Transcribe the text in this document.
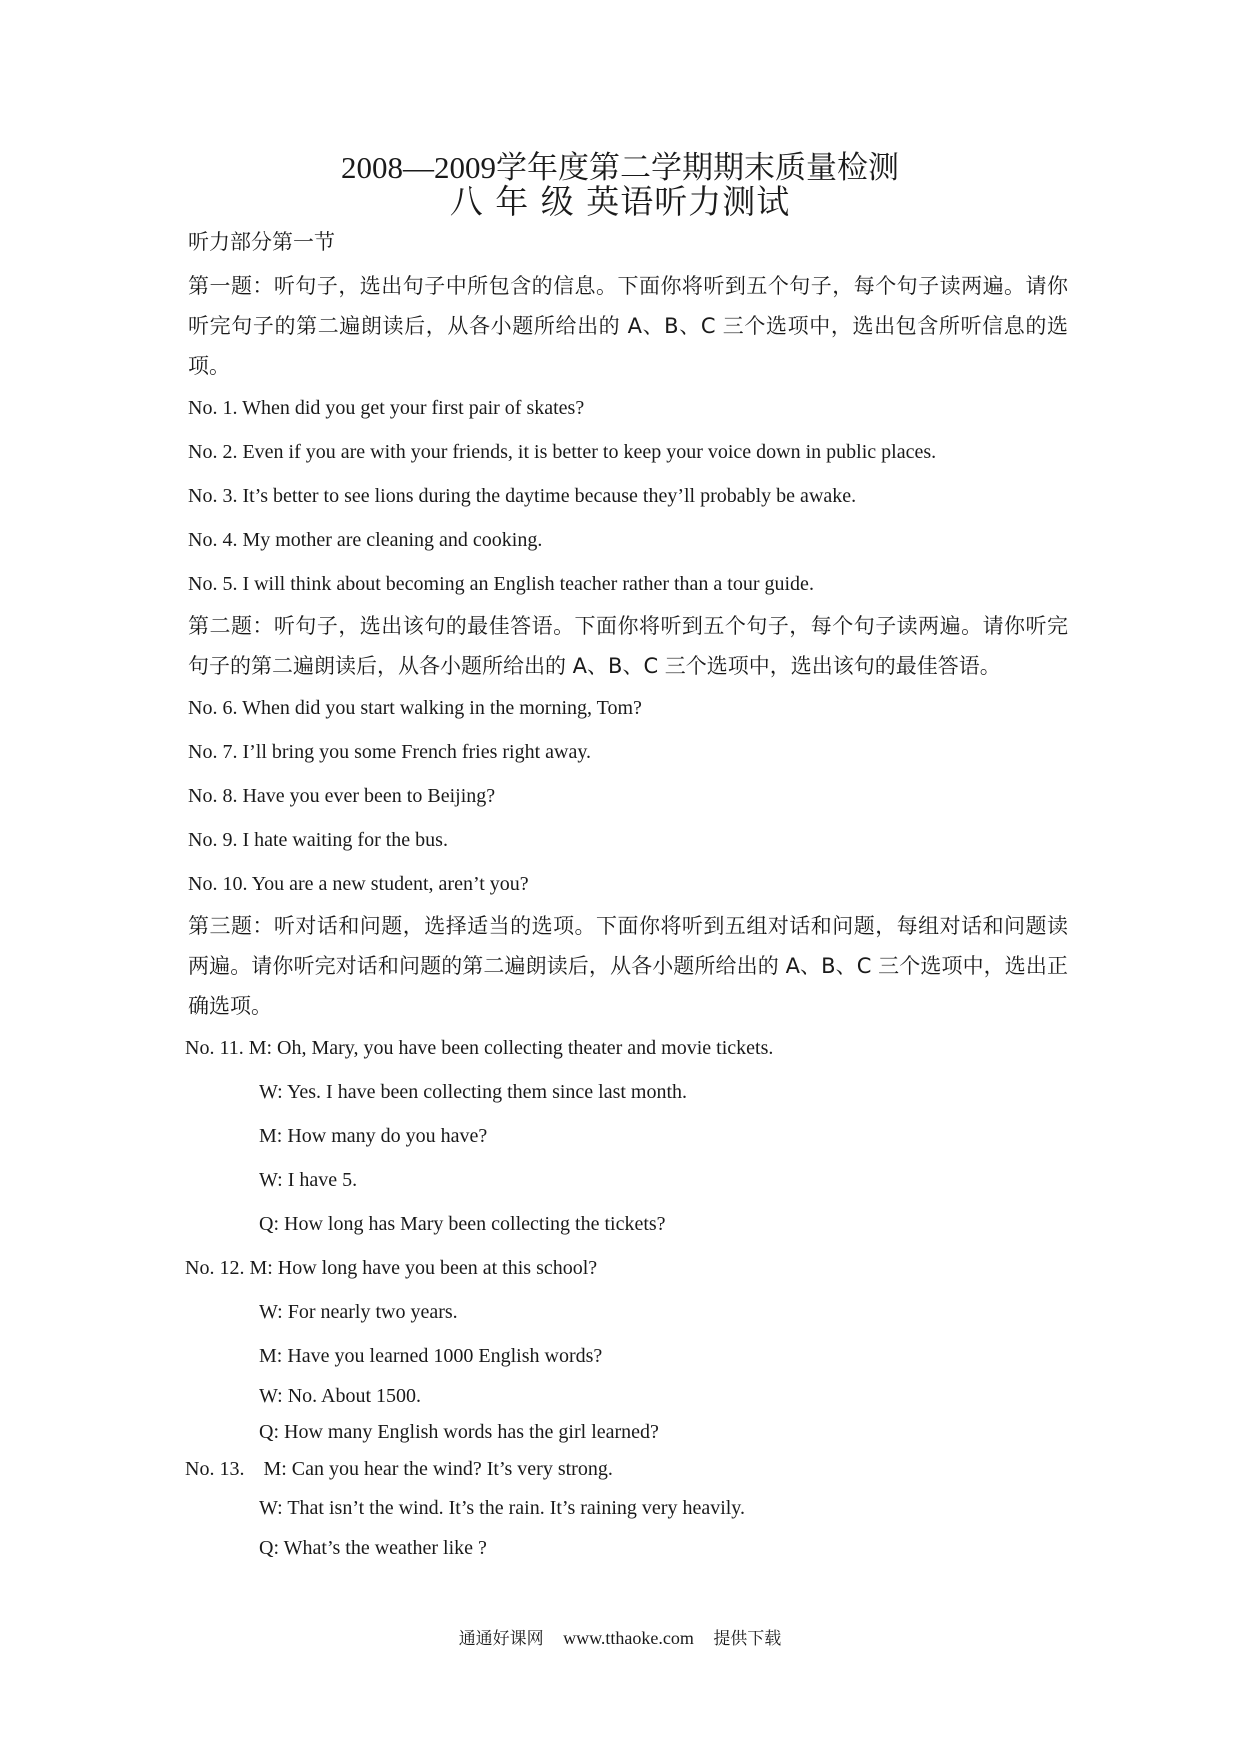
2008—2009学年度第二学期期末质量检测
八 年 级 英语听力测试

听力部分第一节

第一题：听句子，选出句子中所包含的信息。下面你将听到五个句子，每个句子读两遍。请你听完句子的第二遍朗读后，从各小题所给出的 A、B、C 三个选项中，选出包含所听信息的选项。

No. 1. When did you get your first pair of skates?
No. 2. Even if you are with your friends, it is better to keep your voice down in public places.
No. 3. It’s better to see lions during the daytime because they’ll probably be awake.
No. 4. My mother are cleaning and cooking.
No. 5. I will think about becoming an English teacher rather than a tour guide.

第二题：听句子，选出该句的最佳答语。下面你将听到五个句子，每个句子读两遍。请你听完句子的第二遍朗读后，从各小题所给出的 A、B、C 三个选项中，选出该句的最佳答语。

No. 6. When did you start walking in the morning, Tom?
No. 7. I’ll bring you some French fries right away.
No. 8. Have you ever been to Beijing?
No. 9. I hate waiting for the bus.
No. 10. You are a new student, aren’t you?

第三题：听对话和问题，选择适当的选项。下面你将听到五组对话和问题，每组对话和问题读两遍。请你听完对话和问题的第二遍朗读后，从各小题所给出的 A、B、C 三个选项中，选出正确选项。

No. 11. M: Oh, Mary, you have been collecting theater and movie tickets.
W: Yes. I have been collecting them since last month.
M: How many do you have?
W: I have 5.
Q: How long has Mary been collecting the tickets?
No. 12. M: How long have you been at this school?
W: For nearly two years.
M: Have you learned 1000 English words?
W: No. About 1500.
Q: How many English words has the girl learned?
No. 13. M: Can you hear the wind? It’s very strong.
W: That isn’t the wind. It’s the rain. It’s raining very heavily.
Q: What’s the weather like ?
通通好课网 www.tthaoke.com 提供下载
